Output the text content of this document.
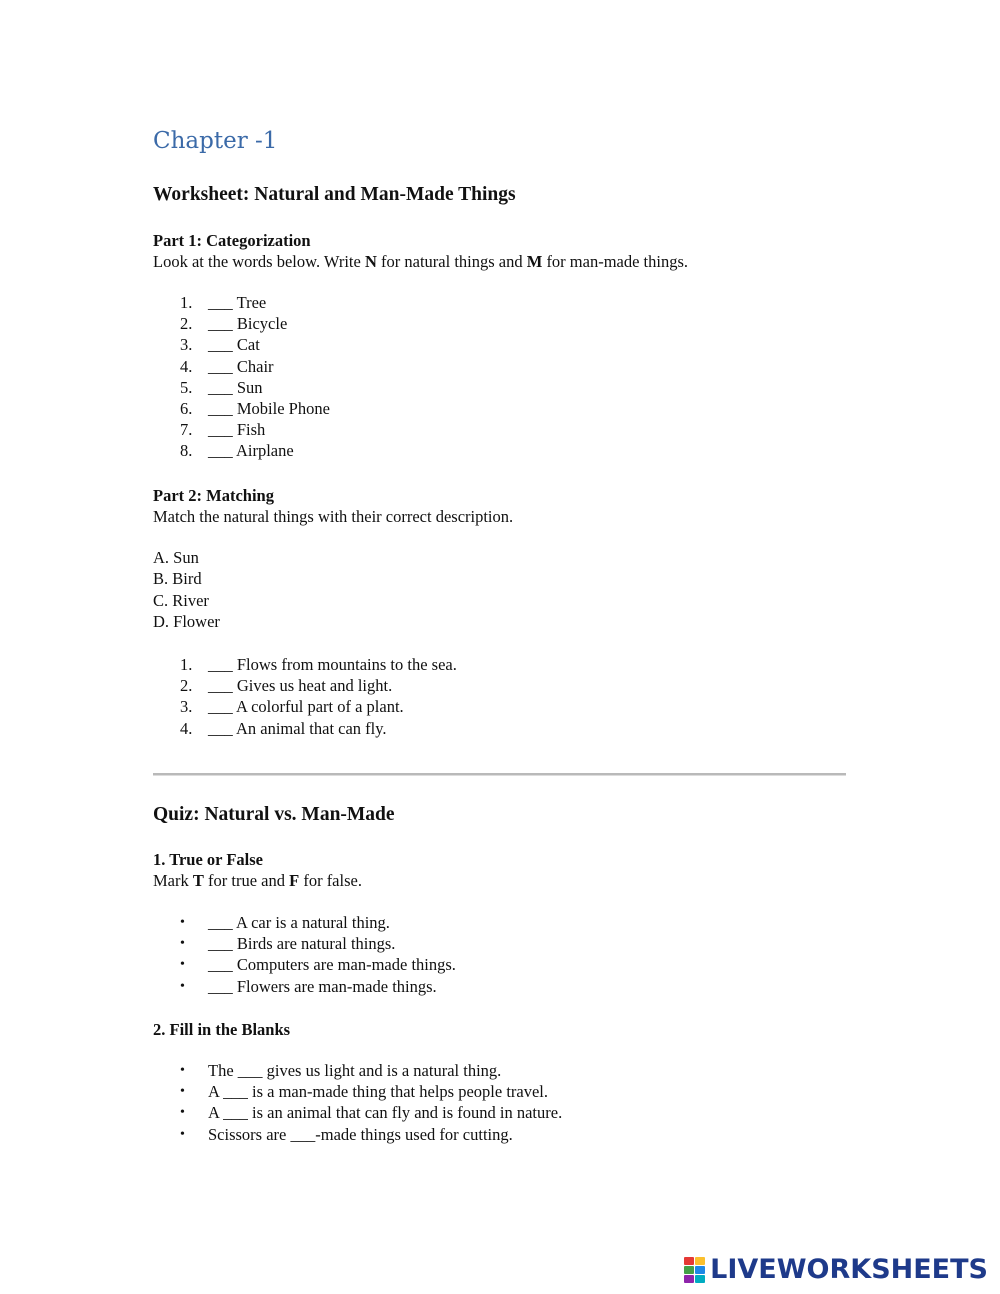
Chapter -1
Worksheet: Natural and Man-Made Things

Part 1: Categorization

Look at the words below. Write N for natural things and M for man-made things.

1. ___ Tree
2. ___ Bicycle
3. ___ Cat
4. ___ Chair
5. ___ Sun
6. ___ Mobile Phone
7. ___ Fish
8. ___ Airplane

Part 2: Matching

Match the natural things with their correct description.

A. Sun
B. Bird
C. River
D. Flower
1. ___ Flows from mountains to the sea.
2. ___ Gives us heat and light.
3. ___ A colorful part of a plant.
4. ___ An animal that can fly.
Quiz: Natural vs. Man-Made

1. True or False

Mark T for true and F for false.

• ___ A car is a natural thing.
• ___ Birds are natural things.
• ___ Computers are man-made things.
• ___ Flowers are man-made things.

2. Fill in the Blanks

• The ___ gives us light and is a natural thing.
• A ___ is a man-made thing that helps people travel.
• A ___ is an animal that can fly and is found in nature.
• Scissors are ___-made things used for cutting.
LIVEWORKSHEETS
